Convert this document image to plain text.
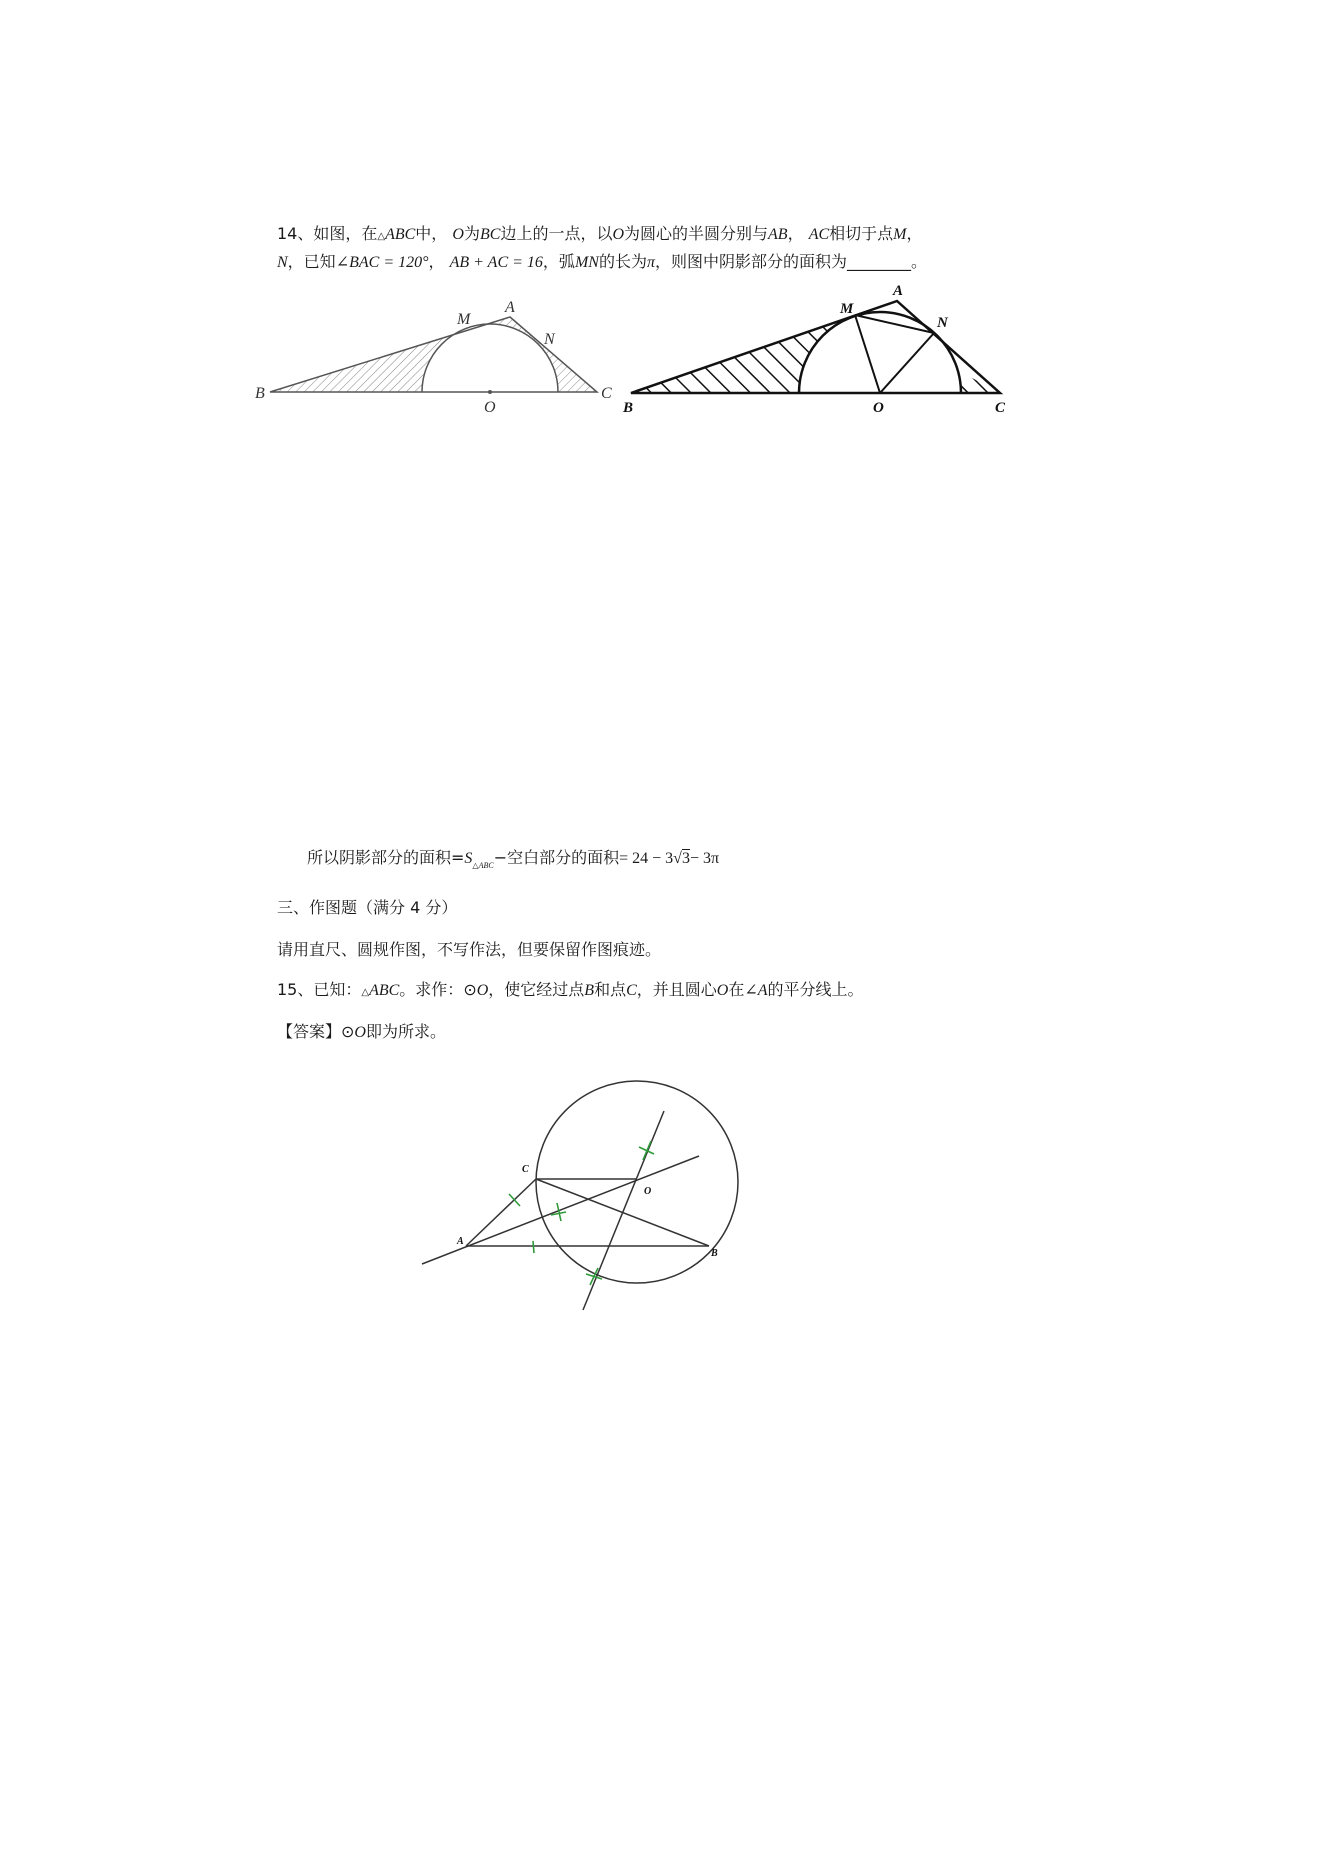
14、如图，在△ABC中， O为BC边上的一点，以O为圆心的半圆分别与AB， AC相切于点M，
N，已知∠BAC = 120°， AB + AC = 16，弧MN的长为π，则图中阴影部分的面积为________。
B
M
A
N
C
O	B
M
A
N
C
O
所以阴影部分的面积$=S_{\triangle ABC}-$空白部分的面积= 24 − 3√3− 3π
三、作图题（满分 4 分）
请用直尺、圆规作图，不写作法，但要保留作图痕迹。
15、已知：△ABC。求作：⊙O，使它经过点B和点C，并且圆心O在∠A的平分线上。
【答案】⊙O即为所求。
C
O
A
B
